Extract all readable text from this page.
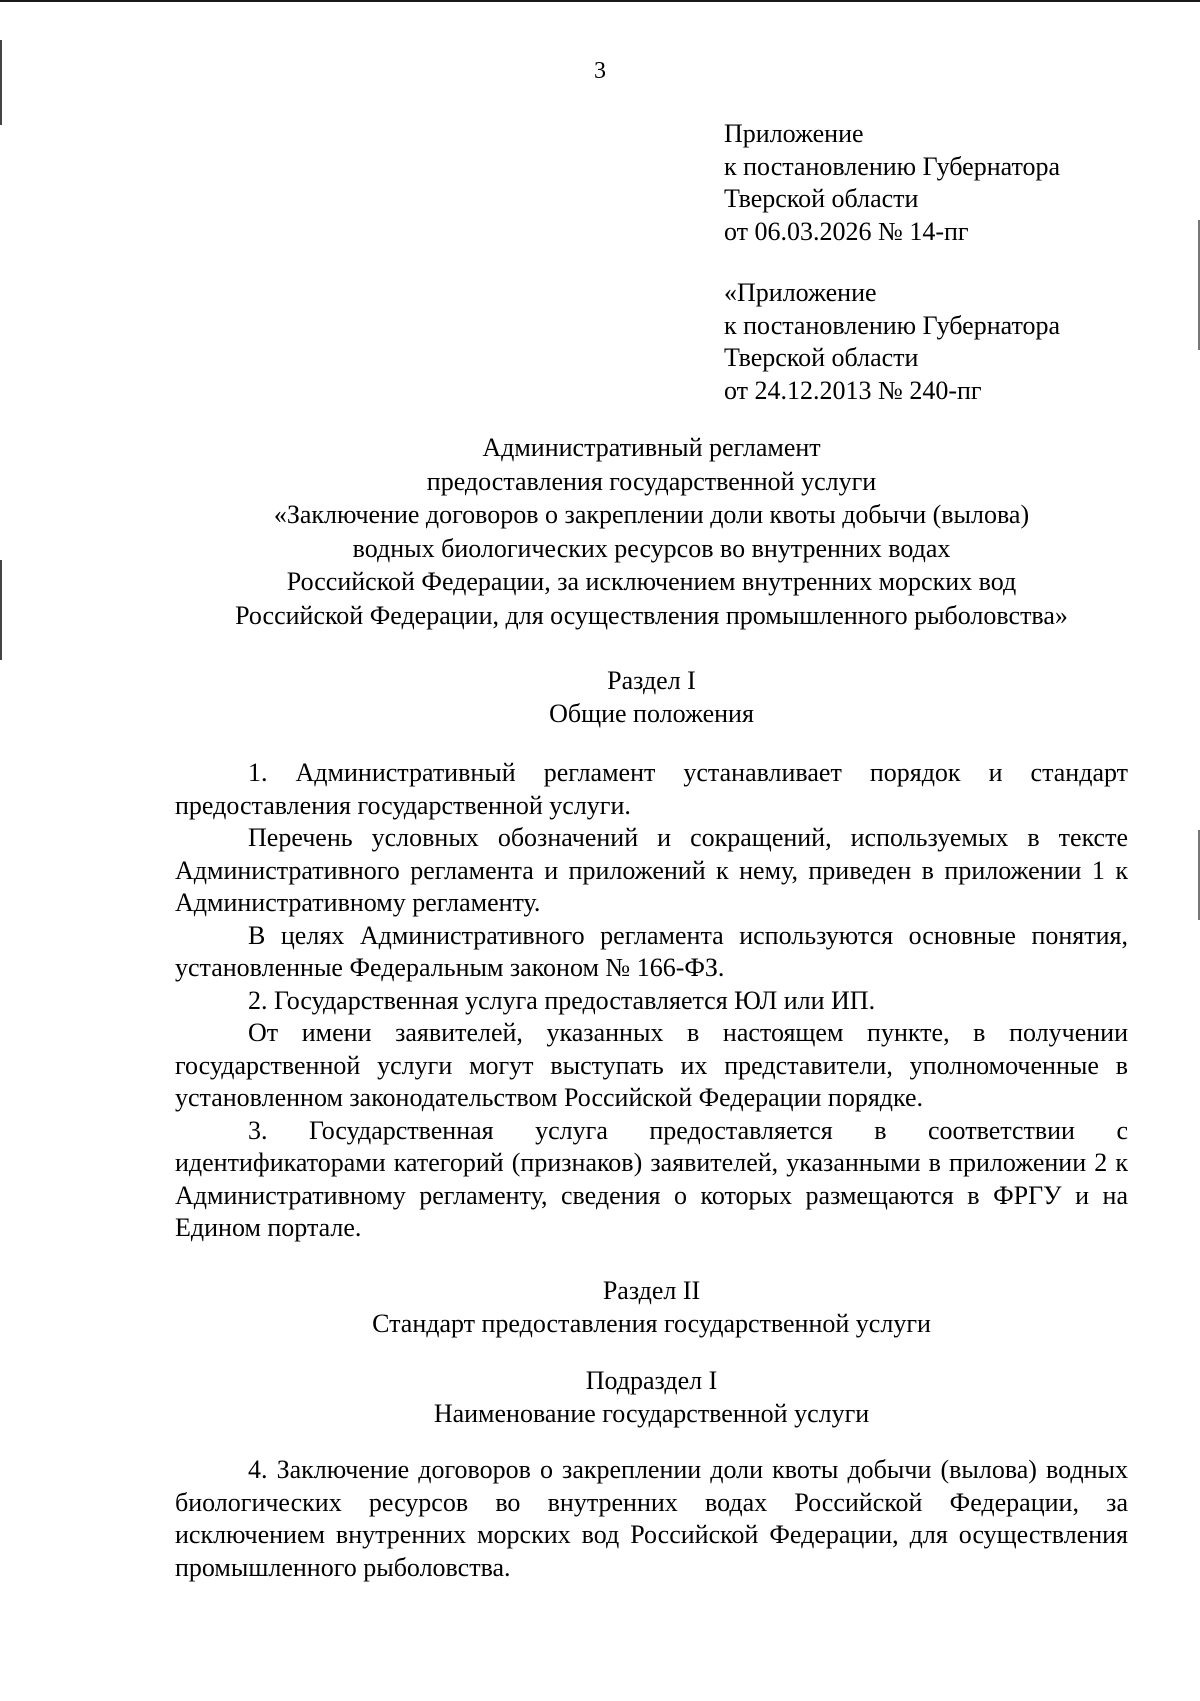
3
Приложение
к постановлению Губернатора
Тверской области
от 06.03.2026 № 14-пг
«Приложение
к постановлению Губернатора
Тверской области
от 24.12.2013 № 240-пг
Административный регламент
предоставления государственной услуги
«Заключение договоров о закреплении доли квоты добычи (вылова)
водных биологических ресурсов во внутренних водах
Российской Федерации, за исключением внутренних морских вод
Российской Федерации, для осуществления промышленного рыболовства»
Раздел I
Общие положения

1. Административный регламент устанавливает порядок и стандарт предоставления государственной услуги.

Перечень условных обозначений и сокращений, используемых в тексте Административного регламента и приложений к нему, приведен в приложении 1 к Административному регламенту.

В целях Административного регламента используются основные понятия, установленные Федеральным законом № 166-ФЗ.

2. Государственная услуга предоставляется ЮЛ или ИП.

От имени заявителей, указанных в настоящем пункте, в получении государственной услуги могут выступать их представители, уполномоченные в установленном законодательством Российской Федерации порядке.

3. Государственная услуга предоставляется в соответствии с идентификаторами категорий (признаков) заявителей, указанными в приложении 2 к Административному регламенту, сведения о которых размещаются в ФРГУ и на Едином портале.

Раздел II
Стандарт предоставления государственной услуги
Подраздел I
Наименование государственной услуги

4. Заключение договоров о закреплении доли квоты добычи (вылова) водных биологических ресурсов во внутренних водах Российской Федерации, за исключением внутренних морских вод Российской Федерации, для осуществления промышленного рыболовства.
